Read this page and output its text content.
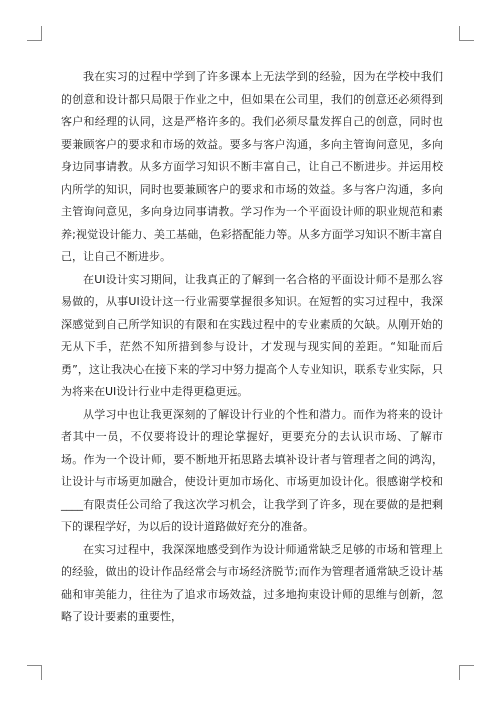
我在实习的过程中学到了许多课本上无法学到的经验，因为在学校中我们的创意和设计都只局限于作业之中，但如果在公司里，我们的创意还必须得到客户和经理的认同，这是严格许多的。我们必须尽量发挥自己的创意，同时也要兼顾客户的要求和市场的效益。要多与客户沟通，多向主管询问意见，多向身边同事请教。从多方面学习知识不断丰富自己，让自己不断进步。并运用校内所学的知识，同时也要兼顾客户的要求和市场的效益。多与客户沟通，多向主管询问意见，多向身边同事请教。学习作为一个平面设计师的职业规范和素养;视觉设计能力、美工基础，色彩搭配能力等。从多方面学习知识不断丰富自己，让自己不断进步。

在UI设计实习期间，让我真正的了解到一名合格的平面设计师不是那么容易做的，从事UI设计这一行业需要掌握很多知识。在短暂的实习过程中，我深深感觉到自己所学知识的有限和在实践过程中的专业素质的欠缺。从刚开始的无从下手，茫然不知所措到参与设计，才发现与现实间的差距。“知耻而后勇”，这让我决心在接下来的学习中努力提高个人专业知识，联系专业实际，只为将来在UI设计行业中走得更稳更远。

从学习中也让我更深刻的了解设计行业的个性和潜力。而作为将来的设计者其中一员，不仅要将设计的理论掌握好，更要充分的去认识市场、了解市场。作为一个设计师，要不断地开拓思路去填补设计者与管理者之间的鸿沟，让设计与市场更加融合，使设计更加市场化、市场更加设计化。很感谢学校和____有限责任公司给了我这次学习机会，让我学到了许多，现在要做的是把剩下的课程学好，为以后的设计道路做好充分的准备。

在实习过程中，我深深地感受到作为设计师通常缺乏足够的市场和管理上的经验，做出的设计作品经常会与市场经济脱节;而作为管理者通常缺乏设计基础和审美能力，往往为了追求市场效益，过多地拘束设计师的思维与创新，忽略了设计要素的重要性，
